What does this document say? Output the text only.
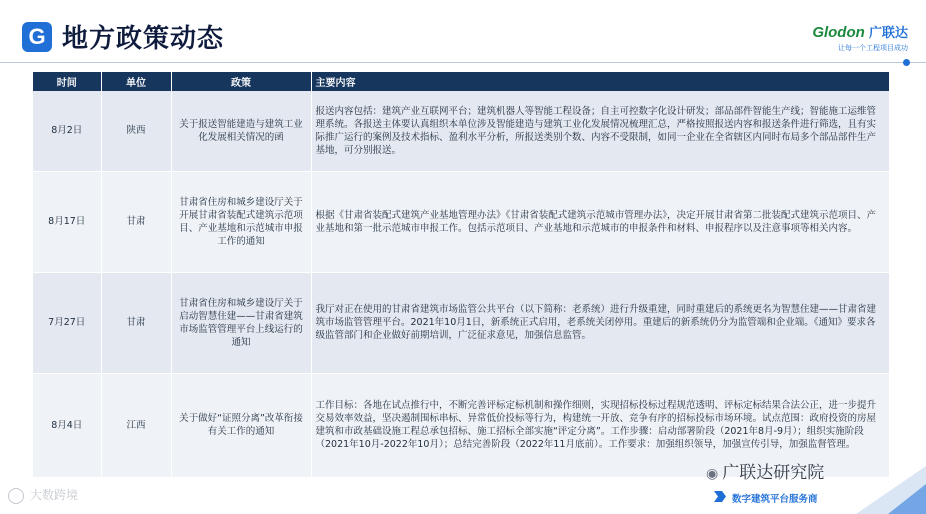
G 地方政策动态	Glodon 广联达
让每一个工程项目成功
时间	单位	政策	主要内容
8月2日	陕西	关于报送智能建造与建筑工业化发展相关情况的函	报送内容包括：建筑产业互联网平台；建筑机器人等智能工程设备；自主可控数字化设计研发；部品部件智能生产线；智能施工运维管理系统。各报送主体要认真组织本单位涉及智能建造与建筑工业化发展情况梳理汇总，严格按照报送内容和报送条件进行筛选，且有实际推广运行的案例及技术指标、盈利水平分析，所报送类别个数、内容不受限制，如同一企业在全省辖区内同时布局多个部品部件生产基地，可分别报送。
8月17日	甘肃	甘肃省住房和城乡建设厅关于开展甘肃省装配式建筑示范项目、产业基地和示范城市申报工作的通知	根据《甘肃省装配式建筑产业基地管理办法》《甘肃省装配式建筑示范城市管理办法》，决定开展甘肃省第二批装配式建筑示范项目、产业基地和第一批示范城市申报工作。包括示范项目、产业基地和示范城市的申报条件和材料、申报程序以及注意事项等相关内容。
7月27日	甘肃	甘肃省住房和城乡建设厅关于启动智慧住建——甘肃省建筑市场监管管理平台上线运行的通知	我厅对正在使用的甘肃省建筑市场监管公共平台（以下简称：老系统）进行升级重建，同时重建后的系统更名为智慧住建——甘肃省建筑市场监管管理平台。2021年10月1日，新系统正式启用，老系统关闭停用。重建后的新系统仍分为监管端和企业端。《通知》要求各级监管部门和企业做好前期培训，广泛征求意见，加强信息监管。
8月4日	江西	关于做好“证照分离”改革衔接有关工作的通知	工作目标：各地在试点推行中，不断完善评标定标机制和操作细则，实现招标投标过程规范透明、评标定标结果合法公正，进一步提升交易效率效益，坚决遏制围标串标、异常低价投标等行为，构建统一开放、竞争有序的招标投标市场环境。试点范围：政府投资的房屋建筑和市政基础设施工程总承包招标、施工招标全部实施“评定分离”。工作步骤：启动部署阶段（2021年8月-9月）；组织实施阶段（2021年10月-2022年10月）；总结完善阶段（2022年11月底前）。工作要求：加强组织领导，加强宣传引导，加强监督管理。
大数跨境
◉ 广联达研究院
数字建筑平台服务商
